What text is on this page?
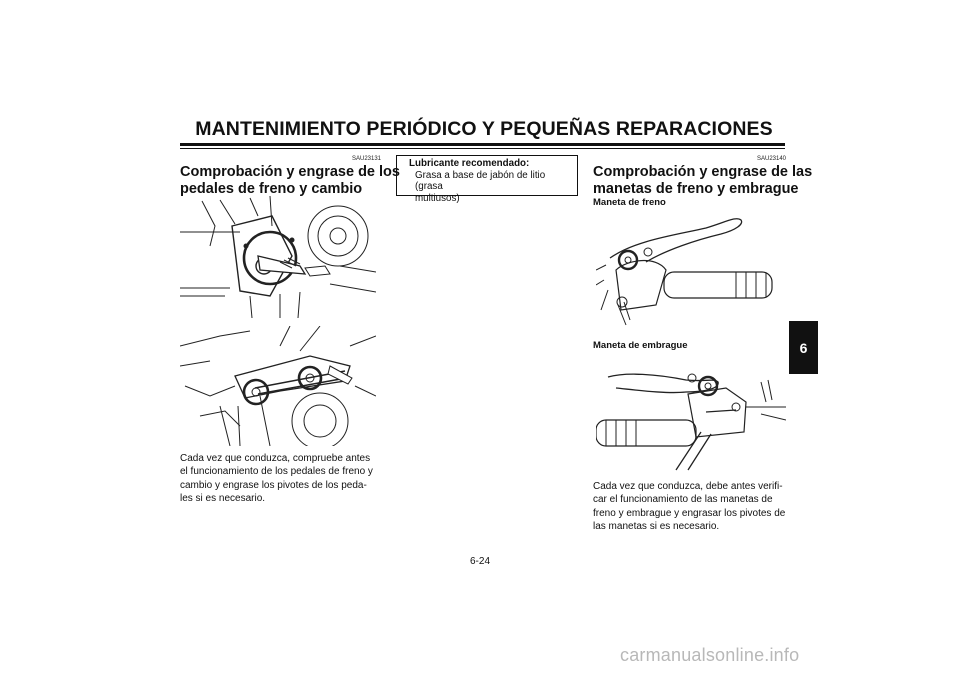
MANTENIMIENTO PERIÓDICO Y PEQUEÑAS REPARACIONES
SAU23131
Comprobación y engrase de los
pedales de freno y cambio
Cada vez que conduzca, compruebe antes
el funcionamiento de los pedales de freno y
cambio y engrase los pivotes de los peda-
les si es necesario.
Lubricante recomendado:
Grasa a base de jabón de litio (grasa
multiusos)
SAU23140
Comprobación y engrase de las
manetas de freno y embrague
Maneta de freno
Maneta de embrague
Cada vez que conduzca, debe antes verifi-
car el funcionamiento de las manetas de
freno y embrague y engrasar los pivotes de
las manetas si es necesario.
6
6-24
carmanualsonline.info
